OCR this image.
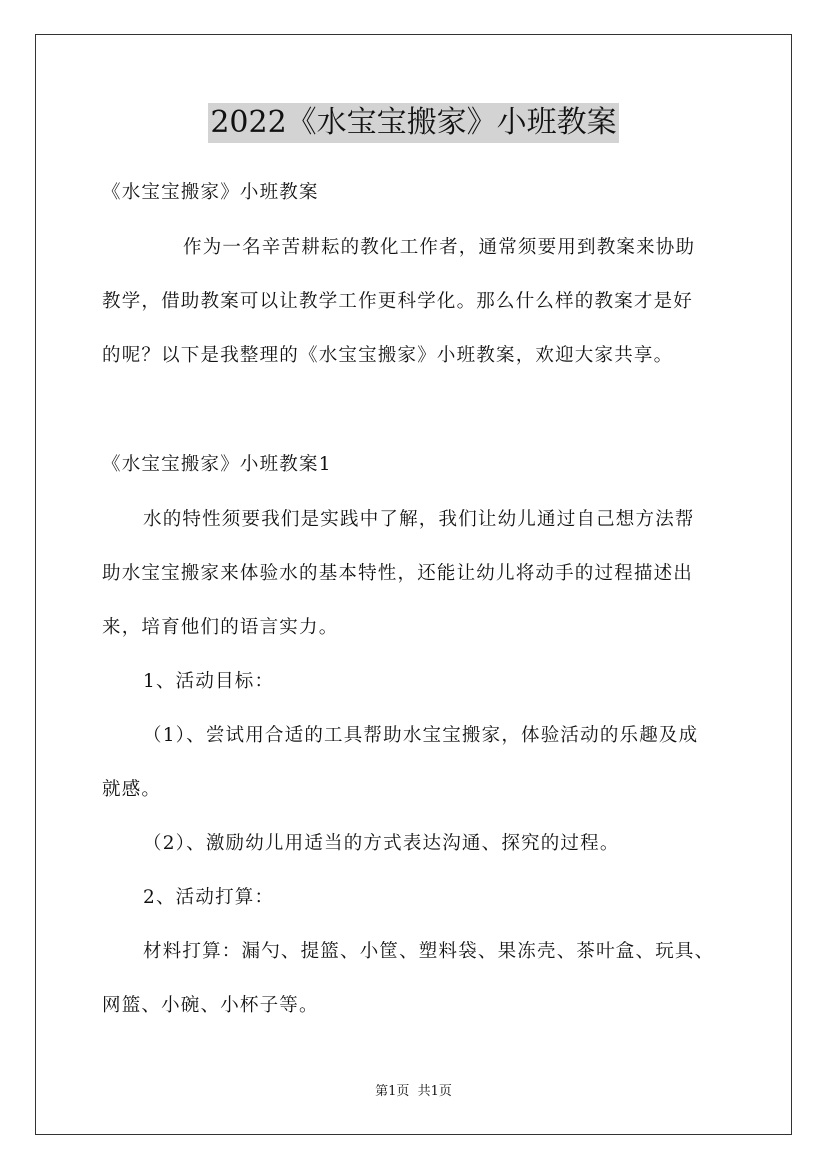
2022《水宝宝搬家》小班教案
《水宝宝搬家》小班教案
作为一名辛苦耕耘的教化工作者，通常须要用到教案来协助
教学，借助教案可以让教学工作更科学化。那么什么样的教案才是好
的呢？以下是我整理的《水宝宝搬家》小班教案，欢迎大家共享。
《水宝宝搬家》小班教案1
水的特性须要我们是实践中了解，我们让幼儿通过自己想方法帮
助水宝宝搬家来体验水的基本特性，还能让幼儿将动手的过程描述出
来，培育他们的语言实力。
1、活动目标：
（1）、尝试用合适的工具帮助水宝宝搬家，体验活动的乐趣及成
就感。
（2）、激励幼儿用适当的方式表达沟通、探究的过程。
2、活动打算：
材料打算：漏勺、提篮、小筐、塑料袋、果冻壳、茶叶盒、玩具、
网篮、小碗、小杯子等。
第1页  共1页
